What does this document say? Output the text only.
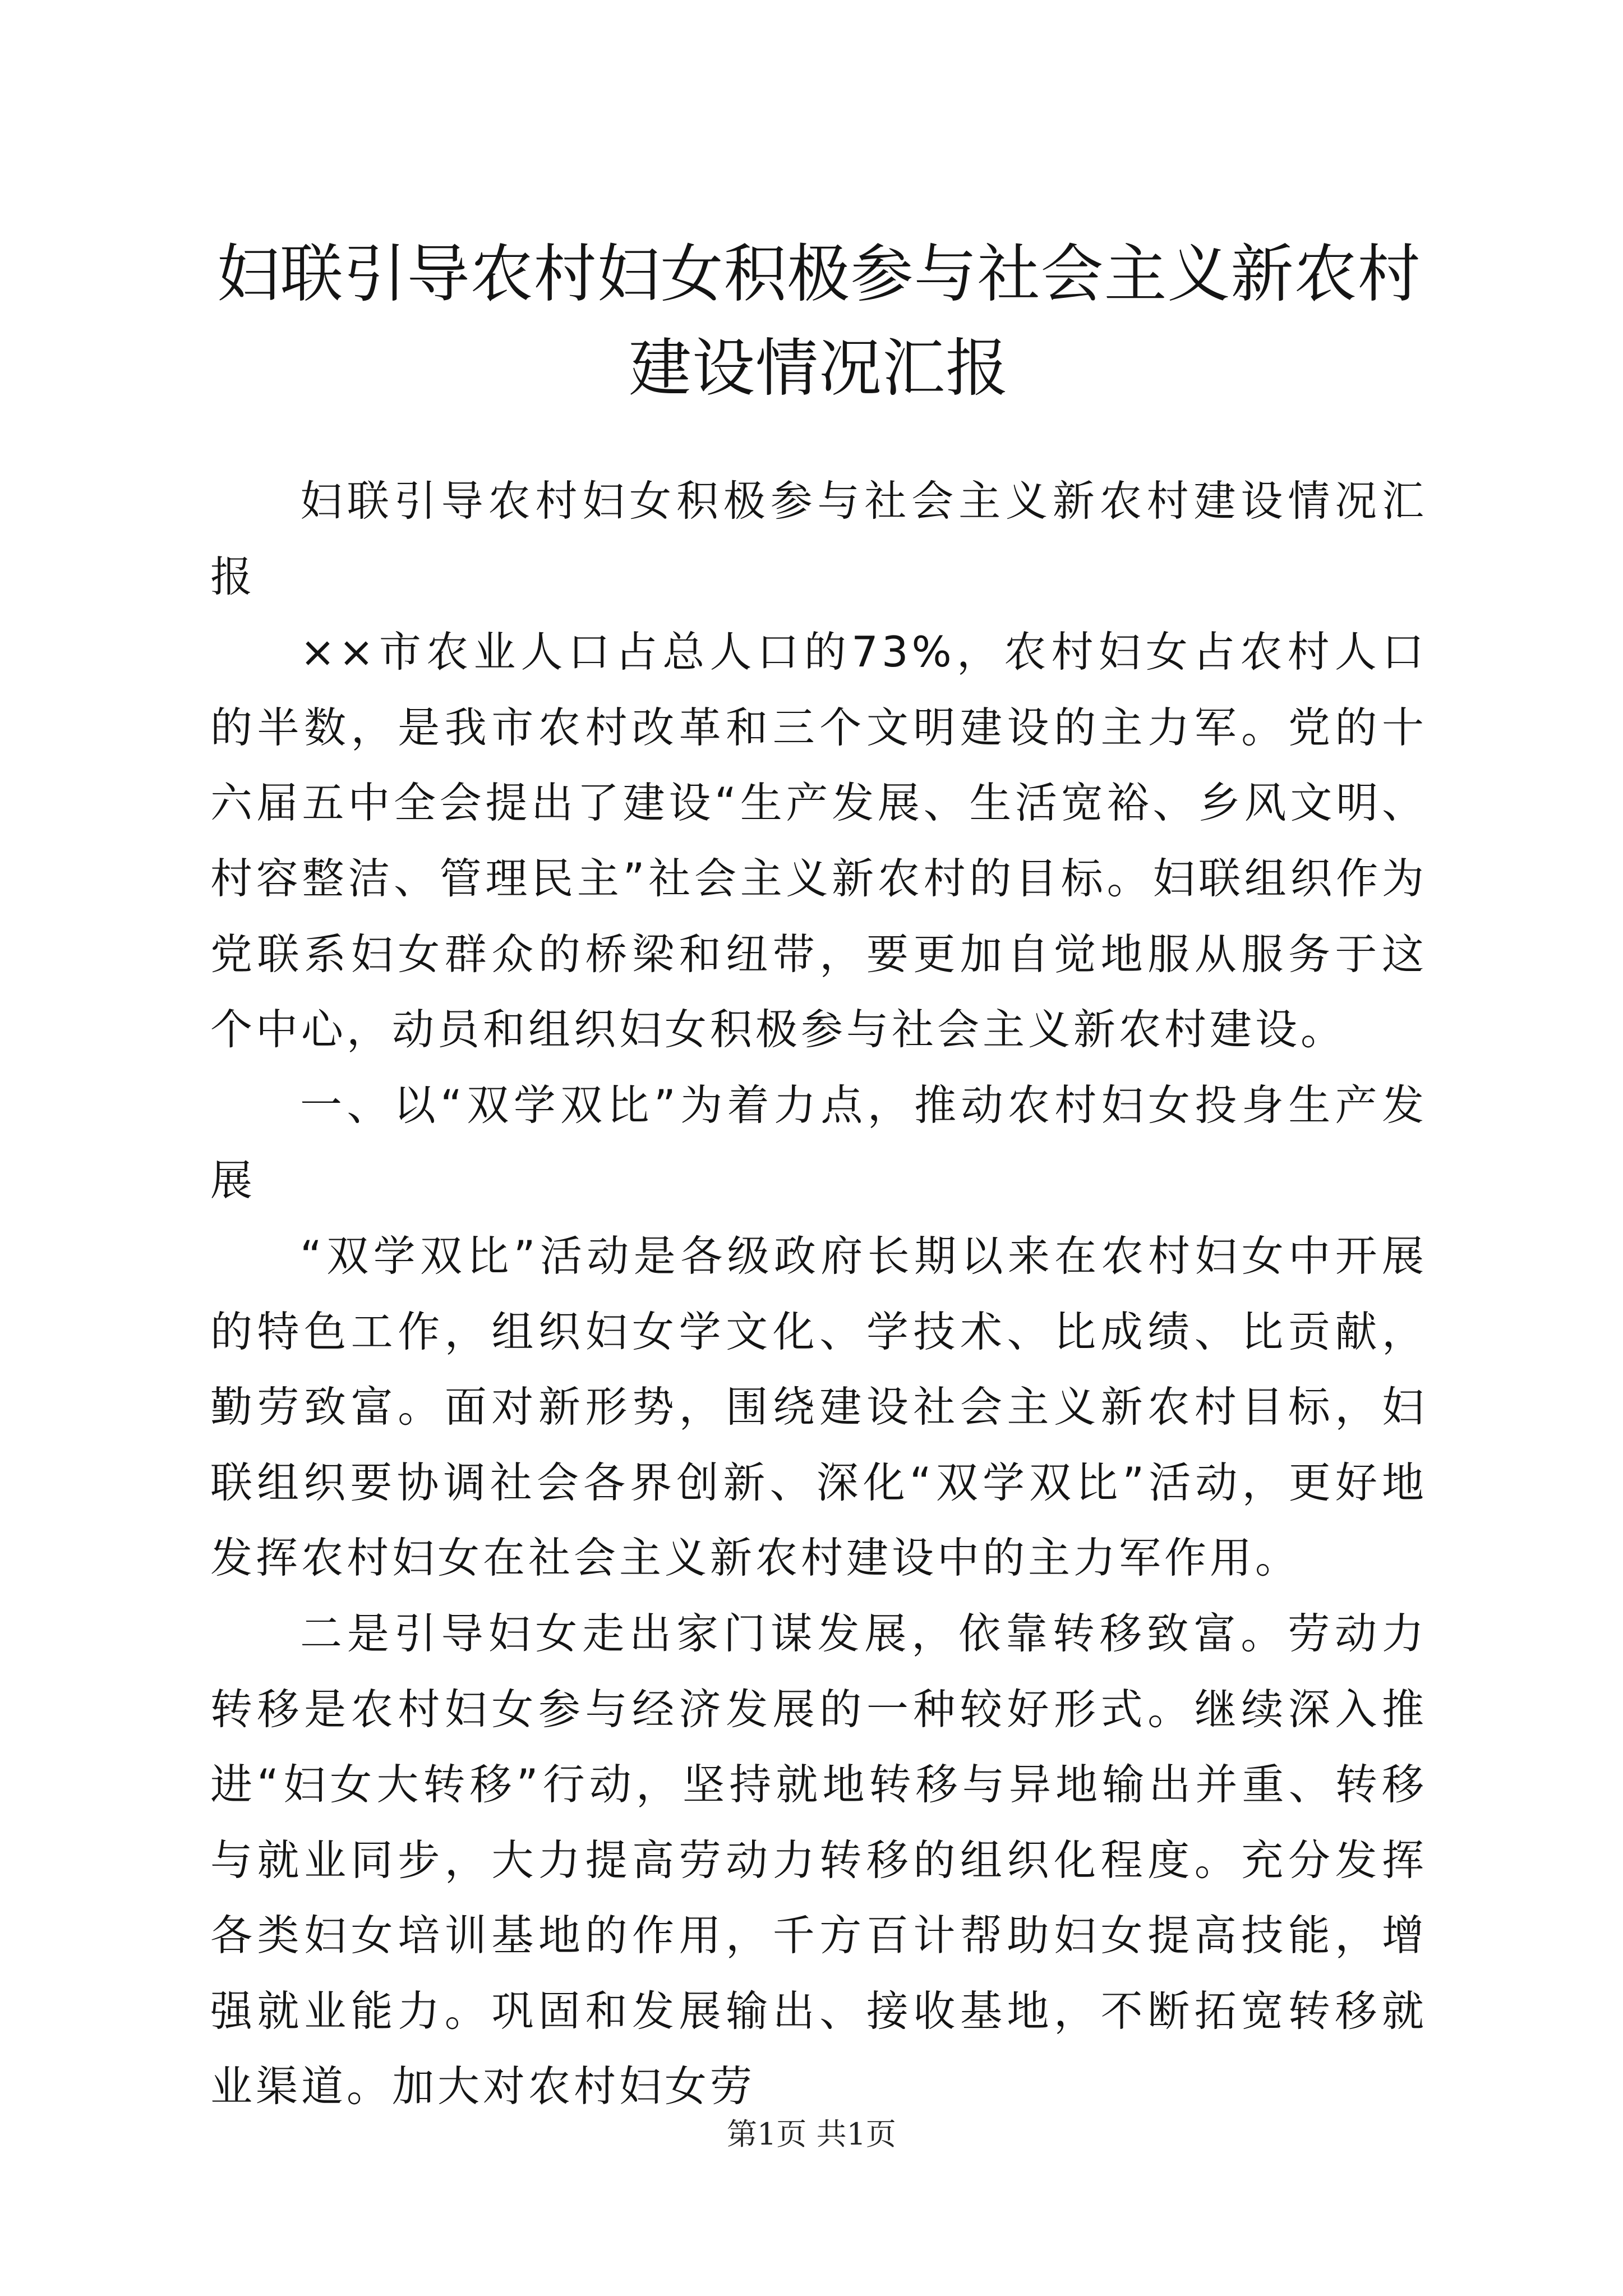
妇联引导农村妇女积极参与社会主义新农村建设情况汇报

妇联引导农村妇女积极参与社会主义新农村建设情况汇报

××市农业人口占总人口的73%，农村妇女占农村人口的半数，是我市农村改革和三个文明建设的主力军。党的十六届五中全会提出了建设“生产发展、生活宽裕、乡风文明、村容整洁、管理民主”社会主义新农村的目标。妇联组织作为党联系妇女群众的桥梁和纽带，要更加自觉地服从服务于这个中心，动员和组织妇女积极参与社会主义新农村建设。

一、以“双学双比”为着力点，推动农村妇女投身生产发展

“双学双比”活动是各级政府长期以来在农村妇女中开展的特色工作，组织妇女学文化、学技术、比成绩、比贡献，勤劳致富。面对新形势，围绕建设社会主义新农村目标，妇联组织要协调社会各界创新、深化“双学双比”活动，更好地发挥农村妇女在社会主义新农村建设中的主力军作用。

二是引导妇女走出家门谋发展，依靠转移致富。劳动力转移是农村妇女参与经济发展的一种较好形式。继续深入推进“妇女大转移”行动，坚持就地转移与异地输出并重、转移与就业同步，大力提高劳动力转移的组织化程度。充分发挥各类妇女培训基地的作用，千方百计帮助妇女提高技能，增强就业能力。巩固和发展输出、接收基地，不断拓宽转移就业渠道。加大对农村妇女劳

第1页 共1页
